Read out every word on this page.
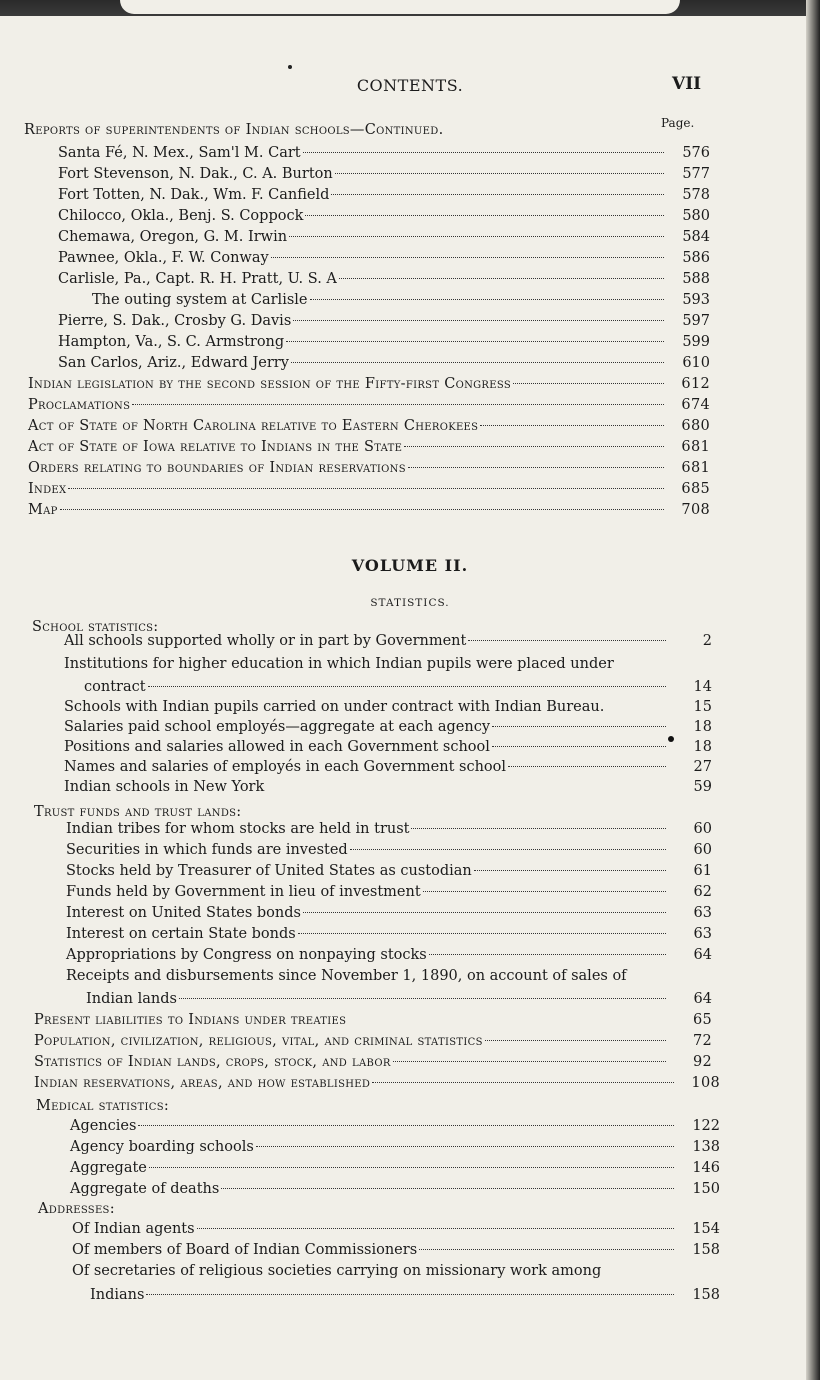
CONTENTS.	VII
Page.
Reports of superintendents of Indian schools—Continued.
Santa Fé, N. Mex., Sam'l M. Cart	576
Fort Stevenson, N. Dak., C. A. Burton	577
Fort Totten, N. Dak., Wm. F. Canfield	578
Chilocco, Okla., Benj. S. Coppock	580
Chemawa, Oregon, G. M. Irwin	584
Pawnee, Okla., F. W. Conway	586
Carlisle, Pa., Capt. R. H. Pratt, U. S. A	588
The outing system at Carlisle	593
Pierre, S. Dak., Crosby G. Davis	597
Hampton, Va., S. C. Armstrong	599
San Carlos, Ariz., Edward Jerry	610
Indian legislation by the second session of the Fifty-first Congress	612
Proclamations	674
Act of State of North Carolina relative to Eastern Cherokees	680
Act of State of Iowa relative to Indians in the State	681
Orders relating to boundaries of Indian reservations	681
Index	685
Map	708
VOLUME II.
STATISTICS.
School statistics:
All schools supported wholly or in part by Government	2
Institutions for higher education in which Indian pupils were placed under
contract	14
Schools with Indian pupils carried on under contract with Indian Bureau.	15
Salaries paid school employés—aggregate at each agency	18
Positions and salaries allowed in each Government school	18
Names and salaries of employés in each Government school	27
Indian schools in New York	59
Trust funds and trust lands:
Indian tribes for whom stocks are held in trust	60
Securities in which funds are invested	60
Stocks held by Treasurer of United States as custodian	61
Funds held by Government in lieu of investment	62
Interest on United States bonds	63
Interest on certain State bonds	63
Appropriations by Congress on nonpaying stocks	64
Receipts and disbursements since November 1, 1890, on account of sales of
Indian lands	64
Present liabilities to Indians under treaties	65
Population, civilization, religious, vital, and criminal statistics	72
Statistics of Indian lands, crops, stock, and labor	92
Indian reservations, areas, and how established	108
Medical statistics:
Agencies	122
Agency boarding schools	138
Aggregate	146
Aggregate of deaths	150
Addresses:
Of Indian agents	154
Of members of Board of Indian Commissioners	158
Of secretaries of religious societies carrying on missionary work among
Indians	158
